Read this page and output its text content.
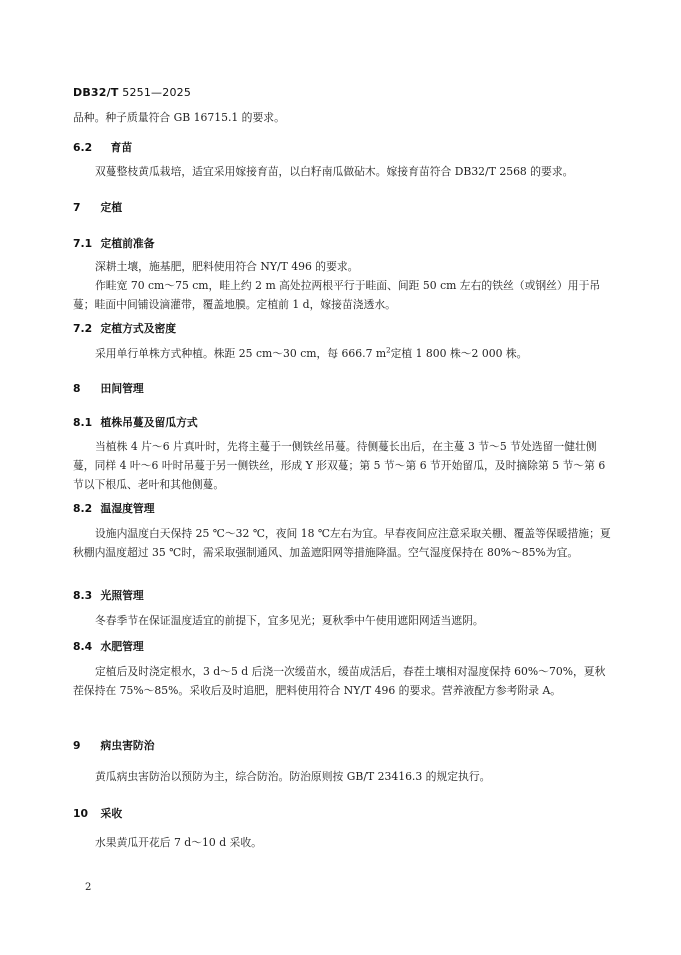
DB32/T 5251—2025

品种。种子质量符合 GB 16715.1 的要求。

6.2 育苗

双蔓整枝黄瓜栽培，适宜采用嫁接育苗，以白籽南瓜做砧木。嫁接育苗符合 DB32/T 2568 的要求。

7 定植
7.1 定植前准备

深耕土壤，施基肥，肥料使用符合 NY/T 496 的要求。

作畦宽 70 cm～75 cm，畦上约 2 m 高处拉两根平行于畦面、间距 50 cm 左右的铁丝（或钢丝）用于吊蔓；畦面中间铺设滴灌带，覆盖地膜。定植前 1 d，嫁接苗浇透水。

7.2 定植方式及密度

采用单行单株方式种植。株距 25 cm～30 cm，每 666.7 $m^2$定植 1 800 株～2 000 株。

8 田间管理
8.1 植株吊蔓及留瓜方式

当植株 4 片～6 片真叶时，先将主蔓于一侧铁丝吊蔓。待侧蔓长出后，在主蔓 3 节～5 节处选留一健壮侧蔓，同样 4 叶～6 叶时吊蔓于另一侧铁丝，形成 Y 形双蔓；第 5 节～第 6 节开始留瓜，及时摘除第 5 节～第 6 节以下根瓜、老叶和其他侧蔓。

8.2 温湿度管理

设施内温度白天保持 25 ℃～32 ℃，夜间 18 ℃左右为宜。早春夜间应注意采取关棚、覆盖等保暖措施；夏秋棚内温度超过 35 ℃时，需采取强制通风、加盖遮阳网等措施降温。空气湿度保持在 80%～85%为宜。

8.3 光照管理

冬春季节在保证温度适宜的前提下，宜多见光；夏秋季中午使用遮阳网适当遮阴。

8.4 水肥管理

定植后及时浇定根水，3 d～5 d 后浇一次缓苗水，缓苗成活后，春茬土壤相对湿度保持 60%～70%，夏秋茬保持在 75%～85%。采收后及时追肥，肥料使用符合 NY/T 496 的要求。营养液配方参考附录 A。

9 病虫害防治

黄瓜病虫害防治以预防为主，综合防治。防治原则按 GB/T 23416.3 的规定执行。

10 采收

水果黄瓜开花后 7 d～10 d 采收。

2
